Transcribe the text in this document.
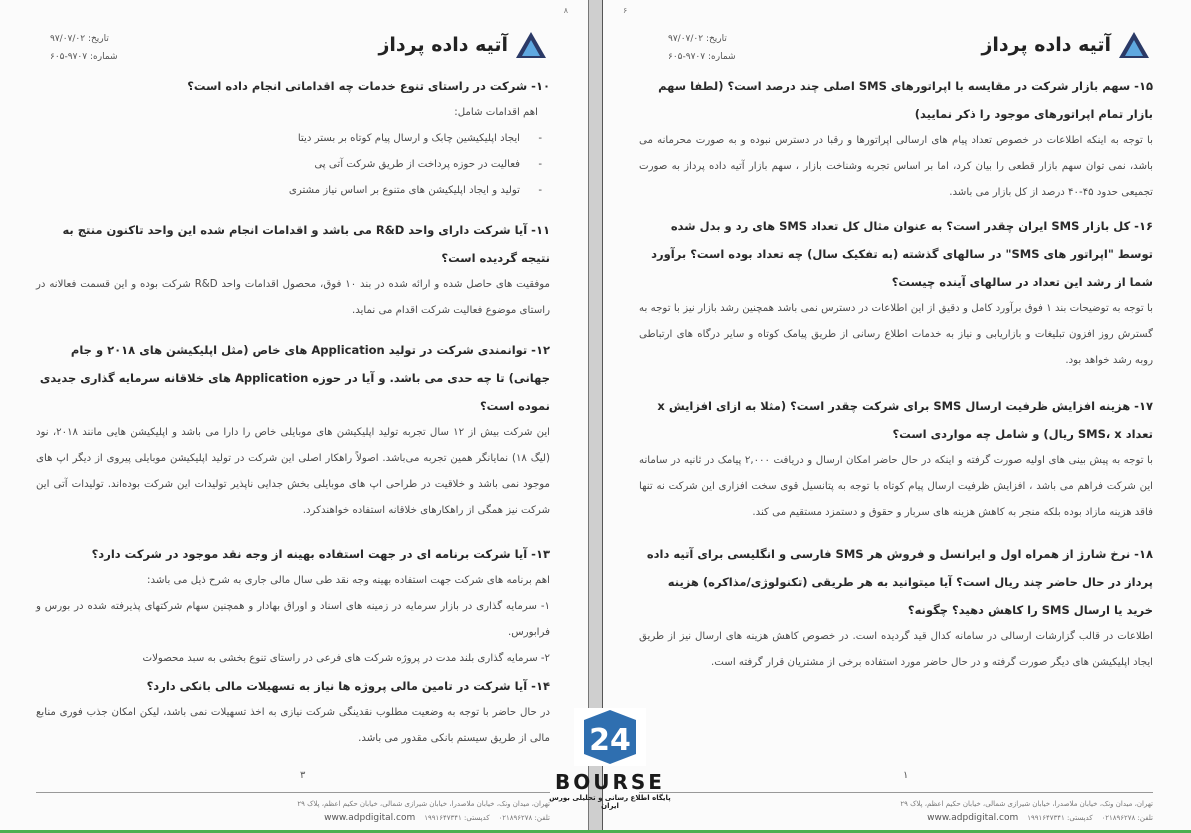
۸
آتیه داده پرداز
تاریخ: ۹۷/۰۷/۰۲
شماره: ۹۷۰۷-۶۰۵

۱۰- شرکت در راستای تنوع خدمات چه اقداماتی انجام داده است؟

اهم اقدامات شامل:

-
ایجاد اپلیکیشین چابک و ارسال پیام کوتاه بر بستر دیتا
-
فعالیت در حوزه پرداخت از طریق شرکت آتی پی
-
تولید و ایجاد اپلیکیشن های متنوع بر اساس نیاز مشتری

۱۱- آیا شرکت دارای واحد R&D می باشد و اقدامات انجام شده این واحد تاکنون منتج به نتیجه گردیده است؟

موفقیت های حاصل شده و ارائه شده در بند ۱۰ فوق، محصول اقدامات واحد R&D شرکت بوده و این قسمت فعالانه در راستای موضوع فعالیت شرکت اقدام می نماید.

۱۲- توانمندی شرکت در تولید Application های خاص (مثل اپلیکیشن های ۲۰۱۸ و جام جهانی) تا چه حدی می باشد. و آیا در حوزه Application های خلاقانه سرمایه گذاری جدیدی نموده است؟

این شرکت بیش از ۱۲ سال تجربه تولید اپلیکیشن های موبایلی خاص را دارا می باشد و اپلیکیشن هایی مانند ۲۰۱۸، نود (لیگ ۱۸) نمایانگر همین تجربه می‌باشد. اصولاً راهکار اصلی این شرکت در تولید اپلیکیشن موبایلی پیروی از دیگر اپ های موجود نمی باشد و خلاقیت در طراحی اپ های موبایلی بخش جدایی ناپذیر تولیدات این شرکت بوده‌اند. تولیدات آتی این شرکت نیز همگی از راهکارهای خلاقانه استفاده خواهندکرد.

۱۳- آیا شرکت برنامه ای در جهت استفاده بهینه از وجه نقد موجود در شرکت دارد؟

اهم برنامه های شرکت جهت استفاده بهینه وجه نقد طی سال مالی جاری به شرح ذیل می باشد:

۱- سرمایه گذاری در بازار سرمایه در زمینه های اسناد و اوراق بهادار و همچنین سهام شرکتهای پذیرفته شده در بورس و فرابورس.

۲- سرمایه گذاری بلند مدت در پروژه شرکت های فرعی در راستای تنوع بخشی به سبد محصولات

۱۴- آیا شرکت در تامین مالی پروژه ها نیاز به تسهیلات مالی بانکی دارد؟

در حال حاضر با توجه به وضعیت مطلوب نقدینگی شرکت نیازی به اخذ تسهیلات نمی باشد، لیکن امکان جذب فوری منابع مالی از طریق سیستم بانکی مقدور می باشد.

۳
تهران، میدان ونک، خیابان ملاصدرا، خیابان شیرازی شمالی، خیابان حکیم اعظم، پلاک ۲۹
تلفن: ۰۲۱۸۹۶۲۷۸    کدپستی: ۱۹۹۱۶۴۷۳۴۱    www.adpdigital.com
۶
آتیه داده پرداز
تاریخ: ۹۷/۰۷/۰۲
شماره: ۹۷۰۷-۶۰۵

۱۵- سهم بازار شرکت در مقایسه با اپراتورهای SMS اصلی چند درصد است؟ (لطفا سهم بازار تمام اپراتورهای موجود را ذکر نمایید)

با توجه به اینکه اطلاعات در خصوص تعداد پیام های ارسالی اپراتورها و رقبا در دسترس نبوده و به صورت محرمانه می باشد، نمی توان سهم بازار قطعی را بیان کرد، اما بر اساس تجربه وشناخت بازار ، سهم بازار آتیه داده پرداز به صورت تجمیعی حدود ۴۵-۴۰ درصد از کل بازار می باشد.

۱۶- کل بازار SMS ایران چقدر است؟ به عنوان مثال کل تعداد SMS های رد و بدل شده توسط "اپراتور های SMS" در سالهای گذشته (به تفکیک سال) چه تعداد بوده است؟ برآورد شما از رشد این تعداد در سالهای آینده چیست؟

با توجه به توضیحات بند ۱ فوق برآورد کامل و دقیق از این اطلاعات در دسترس نمی باشد همچنین رشد بازار نیز با توجه به گسترش روز افزون تبلیغات و بازاریابی و نیاز به خدمات اطلاع رسانی از طریق پیامک کوتاه و سایر درگاه های ارتباطی روبه رشد خواهد بود.

۱۷- هزینه افزایش ظرفیت ارسال SMS برای شرکت چقدر است؟ (مثلا به ازای افزایش x تعداد SMS، x ریال) و شامل چه مواردی است؟

با توجه به پیش بینی های اولیه صورت گرفته و اینکه در حال حاضر امکان ارسال و دریافت ۲,۰۰۰ پیامک در ثانیه در سامانه این شرکت فراهم می باشد ، افزایش ظرفیت ارسال پیام کوتاه با توجه به پتانسیل قوی سخت افزاری این شرکت نه تنها فاقد هزینه مازاد بوده بلکه منجر به کاهش هزینه های سربار و حقوق و دستمزد مستقیم می کند.

۱۸- نرخ شارژ از همراه اول و ایرانسل و فروش هر SMS فارسی و انگلیسی برای آتیه داده پرداز در حال حاضر چند ریال است؟ آیا میتوانید به هر طریقی (تکنولوژی/مذاکره) هزینه خرید یا ارسال SMS را کاهش دهید؟ چگونه؟

اطلاعات در قالب گزارشات ارسالی در سامانه کدال قید گردیده است. در خصوص کاهش هزینه های ارسال نیز از طریق ایجاد اپلیکیشن های دیگر صورت گرفته و در حال حاضر مورد استفاده برخی از مشتریان قرار گرفته است.

۱
تهران، میدان ونک، خیابان ملاصدرا، خیابان شیرازی شمالی، خیابان حکیم اعظم، پلاک ۲۹
تلفن: ۰۲۱۸۹۶۲۷۸    کدپستی: ۱۹۹۱۶۴۷۳۴۱    www.adpdigital.com
24
BOURSE
پایگاه اطلاع رسانی و تحلیلی بورس ایران
